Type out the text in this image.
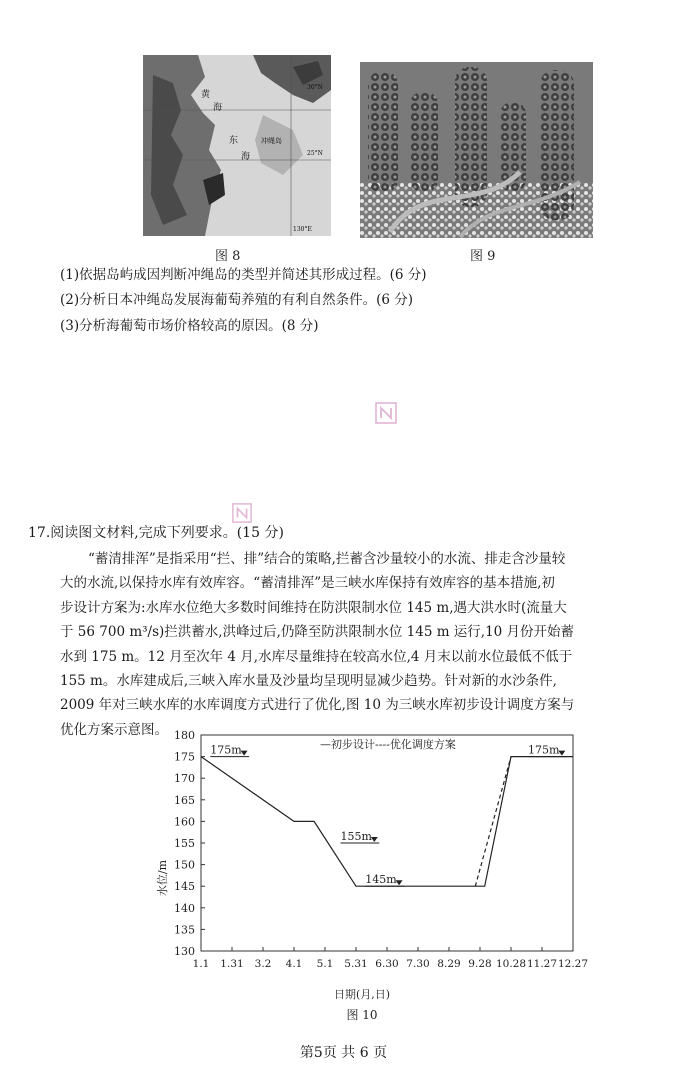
黄
海
东
海
冲绳岛
30°N
25°N
130°E
图 8	图 9
(1)依据岛屿成因判断冲绳岛的类型并简述其形成过程。(6 分)
(2)分析日本冲绳岛发展海葡萄养殖的有利自然条件。(6 分)
(3)分析海葡萄市场价格较高的原因。(8 分)
17.阅读图文材料,完成下列要求。(15 分)
“蓄清排浑”是指采用“拦、排”结合的策略,拦蓄含沙量较小的水流、排走含沙量较
大的水流,以保持水库有效库容。“蓄清排浑”是三峡水库保持有效库容的基本措施,初
步设计方案为:水库水位绝大多数时间维持在防洪限制水位 145 m,遇大洪水时(流量大
于 56 700 m³/s)拦洪蓄水,洪峰过后,仍降至防洪限制水位 145 m 运行,10 月份开始蓄
水到 175 m。12 月至次年 4 月,水库尽量维持在较高水位,4 月末以前水位最低不低于
155 m。水库建成后,三峡入库水量及沙量均呈现明显减少趋势。针对新的水沙条件,
2009 年对三峡水库的水库调度方式进行了优化,图 10 为三峡水库初步设计调度方案与
优化方案示意图。
130
135
140
145
150
155
160
165
170
175
180
1.1 1.31 3.2 4.1 5.1 5.31 6.30 7.30 8.29 9.28 10.28 11.27 12.27
175m
155m
145m
175m
—初步设计----优化调度方案
水位/m
日期(月,日)
图 10
第5页 共 6 页
